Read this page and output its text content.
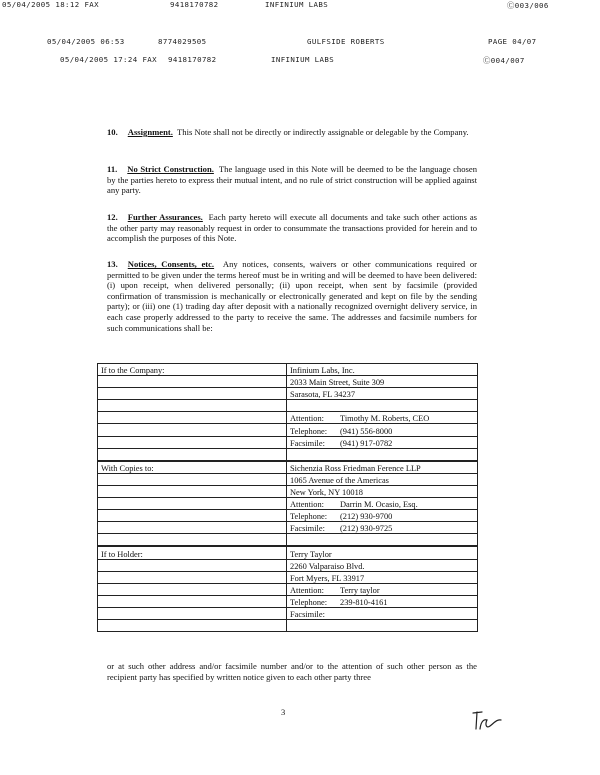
05/04/2005 18:12 FAX	9418170782	INFINIUM LABS	Ⓒ003/006
05/04/2005 06:53	8774029505	GULFSIDE ROBERTS	PAGE 04/07
05/04/2005 17:24 FAX 9418170782	INFINIUM LABS	Ⓒ004/007
10. Assignment. This Note shall not be directly or indirectly assignable or delegable by the Company.
11. No Strict Construction. The language used in this Note will be deemed to be the language chosen by the parties hereto to express their mutual intent, and no rule of strict construction will be applied against any party.
12. Further Assurances. Each party hereto will execute all documents and take such other actions as the other party may reasonably request in order to consummate the transactions provided for herein and to accomplish the purposes of this Note.
13. Notices, Consents, etc. Any notices, consents, waivers or other communications required or permitted to be given under the terms hereof must be in writing and will be deemed to have been delivered: (i) upon receipt, when delivered personally; (ii) upon receipt, when sent by facsimile (provided confirmation of transmission is mechanically or electronically generated and kept on file by the sending party); or (iii) one (1) trading day after deposit with a nationally recognized overnight delivery service, in each case properly addressed to the party to receive the same. The addresses and facsimile numbers for such communications shall be:
If to the Company:	Infinium Labs, Inc.
	2033 Main Street, Suite 309
	Sarasota, FL 34237

	Attention: Timothy M. Roberts, CEO
	Telephone: (941) 556-8000
	Facsimile: (941) 917-0782

With Copies to:	Sichenzia Ross Friedman Ference LLP
	1065 Avenue of the Americas
	New York, NY 10018
	Attention: Darrin M. Ocasio, Esq.
	Telephone: (212) 930-9700
	Facsimile: (212) 930-9725

If to Holder:	Terry Taylor
	2260 Valparaiso Blvd.
	Fort Myers, FL 33917
	Attention: Terry taylor
	Telephone: 239-810-4161
	Facsimile:

or at such other address and/or facsimile number and/or to the attention of such other person as the recipient party has specified by written notice given to each other party three
3
